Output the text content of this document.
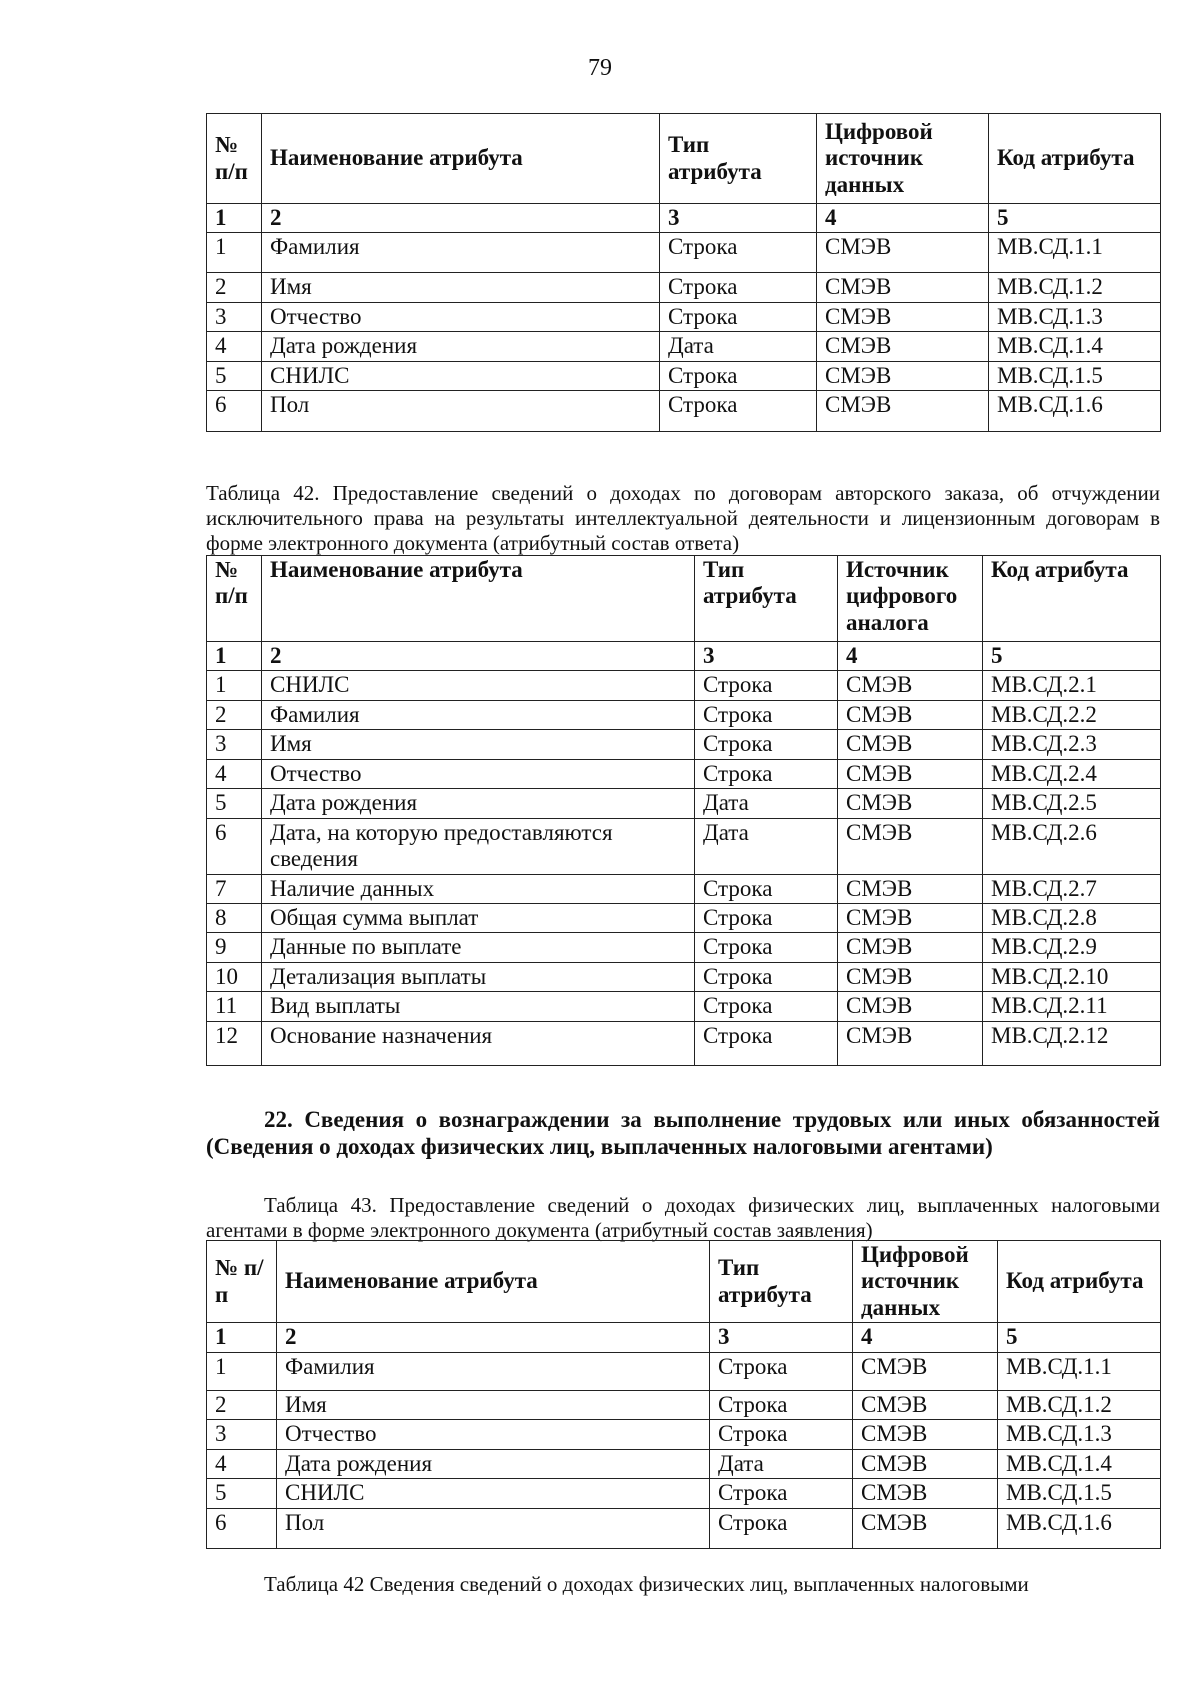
79
№ п/п	Наименование атрибута	Тип атрибута	Цифровой источник данных	Код атрибута
1	2	3	4	5
1	Фамилия	Строка	СМЭВ	МВ.СД.1.1
2	Имя	Строка	СМЭВ	МВ.СД.1.2
3	Отчество	Строка	СМЭВ	МВ.СД.1.3
4	Дата рождения	Дата	СМЭВ	МВ.СД.1.4
5	СНИЛС	Строка	СМЭВ	МВ.СД.1.5
6	Пол	Строка	СМЭВ	МВ.СД.1.6
Таблица 42. Предоставление сведений о доходах по договорам авторского заказа, об отчуждении исключительного права на результаты интеллектуальной деятельности и лицензионным договорам в форме электронного документа (атрибутный состав ответа)
№ п/п	Наименование атрибута	Тип атрибута	Источник цифрового аналога	Код атрибута
1	2	3	4	5
1	СНИЛС	Строка	СМЭВ	МВ.СД.2.1
2	Фамилия	Строка	СМЭВ	МВ.СД.2.2
3	Имя	Строка	СМЭВ	МВ.СД.2.3
4	Отчество	Строка	СМЭВ	МВ.СД.2.4
5	Дата рождения	Дата	СМЭВ	МВ.СД.2.5
6	Дата, на которую предоставляются сведения	Дата	СМЭВ	МВ.СД.2.6
7	Наличие данных	Строка	СМЭВ	МВ.СД.2.7
8	Общая сумма выплат	Строка	СМЭВ	МВ.СД.2.8
9	Данные по выплате	Строка	СМЭВ	МВ.СД.2.9
10	Детализация выплаты	Строка	СМЭВ	МВ.СД.2.10
11	Вид выплаты	Строка	СМЭВ	МВ.СД.2.11
12	Основание назначения	Строка	СМЭВ	МВ.СД.2.12
22. Сведения о вознаграждении за выполнение трудовых или иных обязанностей (Сведения о доходах физических лиц, выплаченных налоговыми агентами)
Таблица 43. Предоставление сведений о доходах физических лиц, выплаченных налоговыми агентами в форме электронного документа (атрибутный состав заявления)
№ п/п	Наименование атрибута	Тип атрибута	Цифровой источник данных	Код атрибута
1	2	3	4	5
1	Фамилия	Строка	СМЭВ	МВ.СД.1.1
2	Имя	Строка	СМЭВ	МВ.СД.1.2
3	Отчество	Строка	СМЭВ	МВ.СД.1.3
4	Дата рождения	Дата	СМЭВ	МВ.СД.1.4
5	СНИЛС	Строка	СМЭВ	МВ.СД.1.5
6	Пол	Строка	СМЭВ	МВ.СД.1.6
Таблица 42 Сведения сведений о доходах физических лиц, выплаченных налоговыми
